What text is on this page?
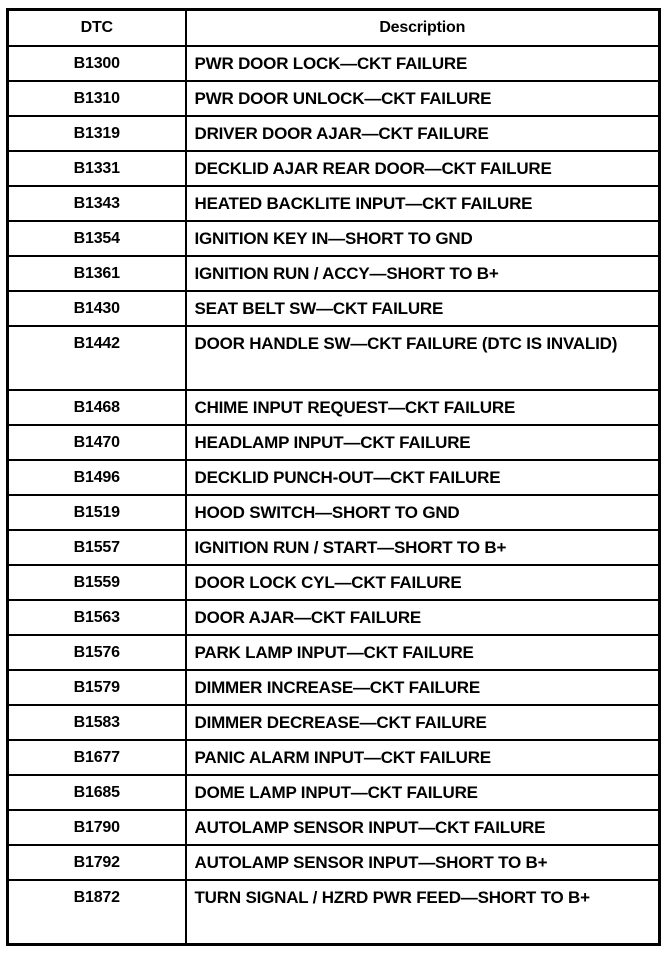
DTC	Description
B1300	PWR DOOR LOCK—CKT FAILURE
B1310	PWR DOOR UNLOCK—CKT FAILURE
B1319	DRIVER DOOR AJAR—CKT FAILURE
B1331	DECKLID AJAR REAR DOOR—CKT FAILURE
B1343	HEATED BACKLITE INPUT—CKT FAILURE
B1354	IGNITION KEY IN—SHORT TO GND
B1361	IGNITION RUN / ACCY—SHORT TO B+
B1430	SEAT BELT SW—CKT FAILURE
B1442	DOOR HANDLE SW—CKT FAILURE (DTC IS INVALID)
B1468	CHIME INPUT REQUEST—CKT FAILURE
B1470	HEADLAMP INPUT—CKT FAILURE
B1496	DECKLID PUNCH-OUT—CKT FAILURE
B1519	HOOD SWITCH—SHORT TO GND
B1557	IGNITION RUN / START—SHORT TO B+
B1559	DOOR LOCK CYL—CKT FAILURE
B1563	DOOR AJAR—CKT FAILURE
B1576	PARK LAMP INPUT—CKT FAILURE
B1579	DIMMER INCREASE—CKT FAILURE
B1583	DIMMER DECREASE—CKT FAILURE
B1677	PANIC ALARM INPUT—CKT FAILURE
B1685	DOME LAMP INPUT—CKT FAILURE
B1790	AUTOLAMP SENSOR INPUT—CKT FAILURE
B1792	AUTOLAMP SENSOR INPUT—SHORT TO B+
B1872	TURN SIGNAL / HZRD PWR FEED—SHORT TO B+
